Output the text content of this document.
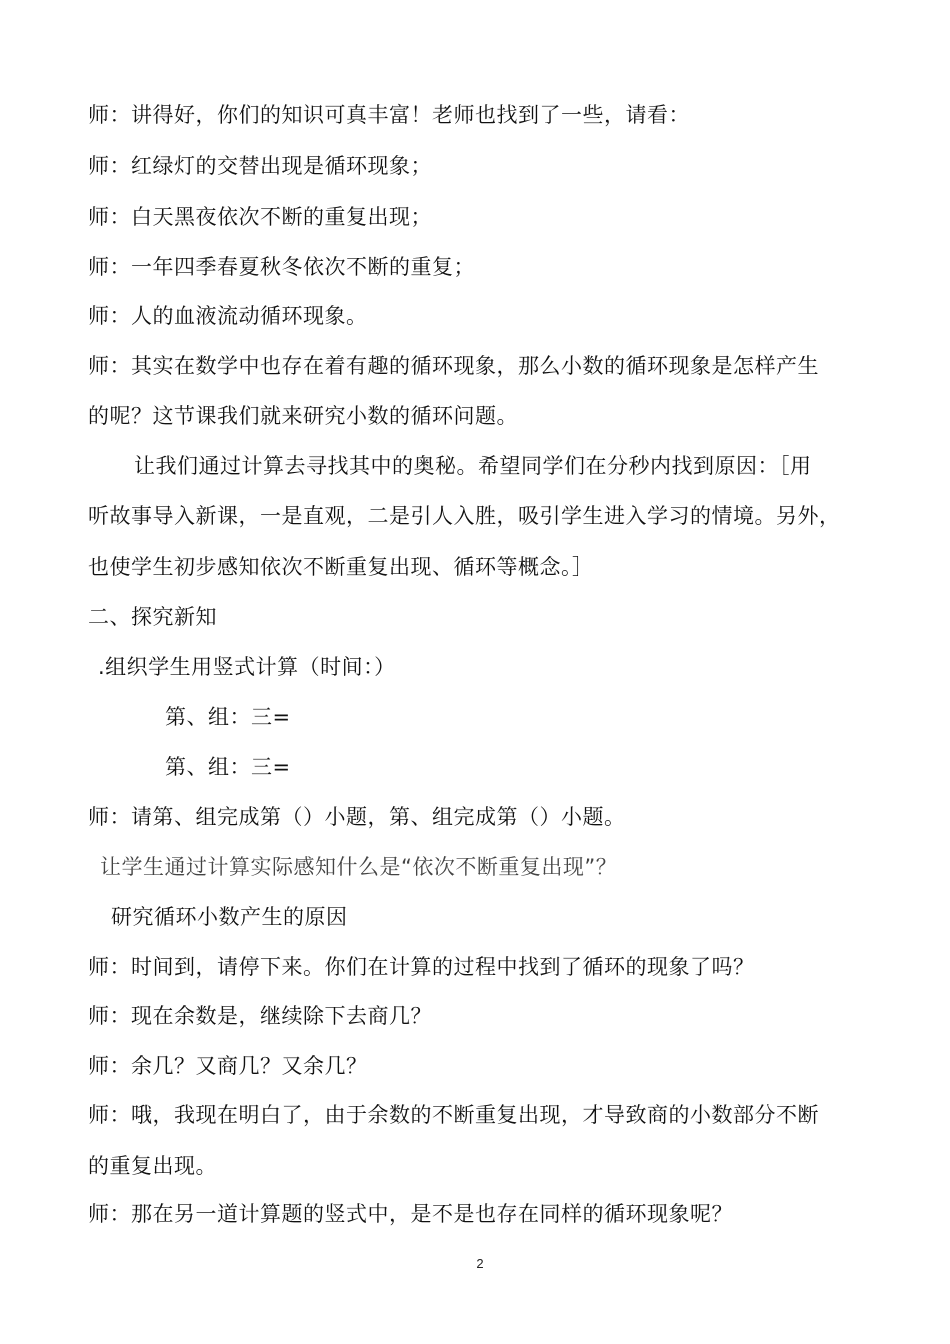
师：讲得好，你们的知识可真丰富！老师也找到了一些，请看：
师：红绿灯的交替出现是循环现象；
师：白天黑夜依次不断的重复出现；
师：一年四季春夏秋冬依次不断的重复；
师：人的血液流动循环现象。
师：其实在数学中也存在着有趣的循环现象，那么小数的循环现象是怎样产生
的呢？这节课我们就来研究小数的循环问题。
让我们通过计算去寻找其中的奥秘。希望同学们在分秒内找到原因：［用
听故事导入新课，一是直观，二是引人入胜，吸引学生进入学习的情境。另外，
也使学生初步感知依次不断重复出现、循环等概念。］
二、探究新知
.组织学生用竖式计算（时间：）
第、组：三=
第、组：三=
师：请第、组完成第（）小题，第、组完成第（）小题。
让学生通过计算实际感知什么是“依次不断重复出现”？
研究循环小数产生的原因
师：时间到，请停下来。你们在计算的过程中找到了循环的现象了吗？
师：现在余数是，继续除下去商几？
师：余几？又商几？又余几？
师：哦，我现在明白了，由于余数的不断重复出现，才导致商的小数部分不断
的重复出现。
师：那在另一道计算题的竖式中，是不是也存在同样的循环现象呢？
2
